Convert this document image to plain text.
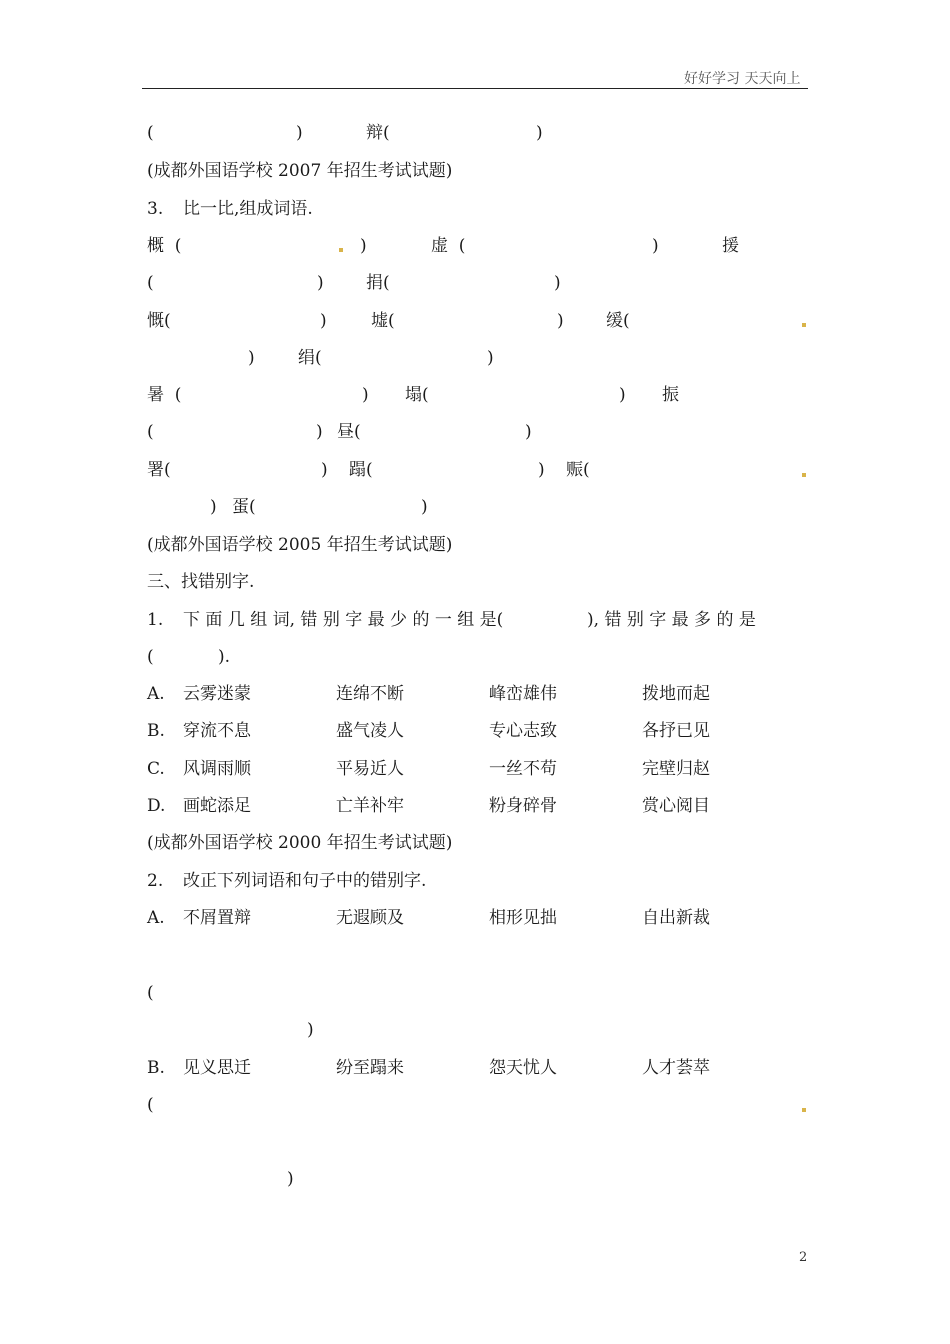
好好学习 天天向上
(	)	辩(	)
(成都外国语学校 2007 年招生考试试题)
3. 比一比,组成词语.
概  (	)	虚  (	)	援
(	) 捐(	)
慨(	)	墟(	) 缓(
)	绢(	)
暑  (	) 塌(	) 振
(	) 昼(	)
署(	) 蹋(	) 赈(
) 蛋(	)
(成都外国语学校 2005 年招生考试试题)
三、找错别字.
1. 下 面 几 组 词, 错 别 字 最 少 的 一 组 是(	), 错 别 字 最 多 的 是
(	).
A. 云雾迷蒙	连绵不断	峰峦雄伟	拨地而起
B. 穿流不息	盛气凌人	专心志致	各抒已见
C. 风调雨顺	平易近人	一丝不苟	完壁归赵
D. 画蛇添足	亡羊补牢	粉身碎骨	赏心阅目
(成都外国语学校 2000 年招生考试试题)
2. 改正下列词语和句子中的错别字.
A. 不屑置辩	无遐顾及	相形见拙	自出新裁
(
)
B. 见义思迁	纷至蹋来	怨天忧人	人才荟萃
(
)
2
